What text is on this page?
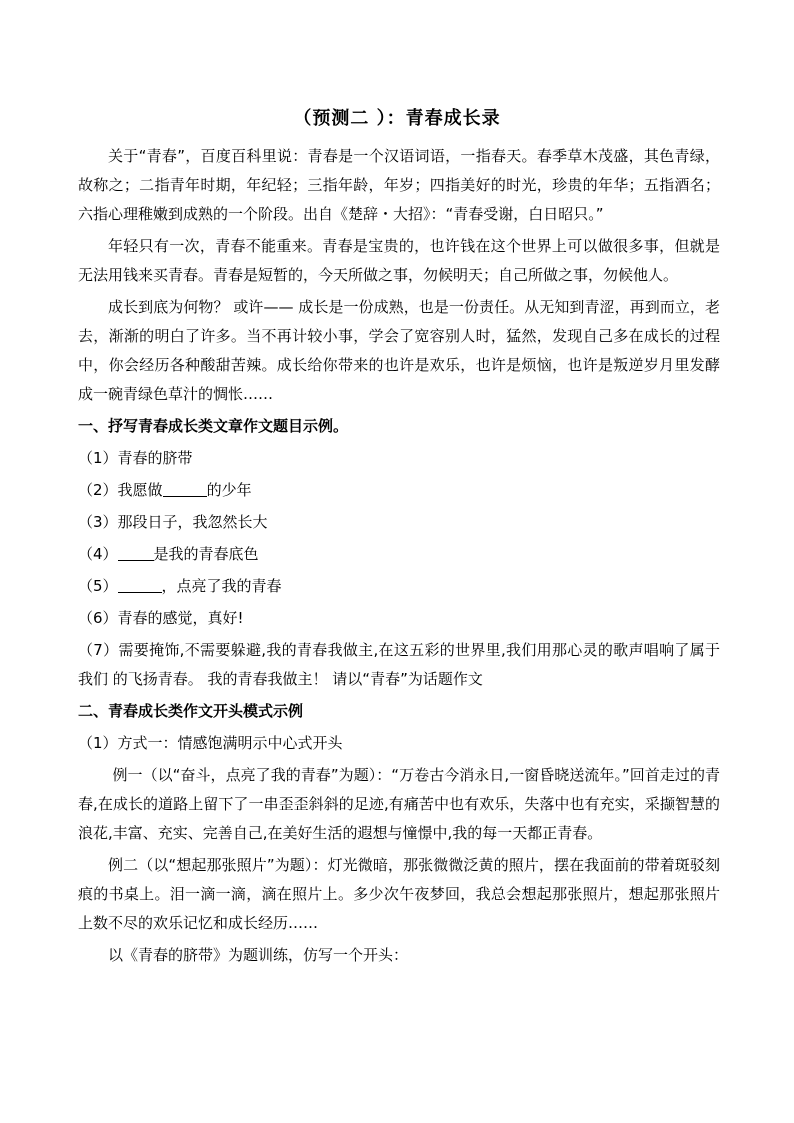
（预测二 ）：青春成长录

关于“青春”，百度百科里说：青春是一个汉语词语，一指春天。春季草木茂盛，其色青绿，故称之；二指青年时期，年纪轻；三指年龄，年岁；四指美好的时光，珍贵的年华；五指酒名；六指心理稚嫩到成熟的一个阶段。出自《楚辞・大招》：“青春受谢，白日昭只。”

年轻只有一次，青春不能重来。青春是宝贵的，也许钱在这个世界上可以做很多事，但就是无法用钱来买青春。青春是短暂的，今天所做之事，勿候明天；自己所做之事，勿候他人。

成长到底为何物？ 或许—— 成长是一份成熟，也是一份责任。从无知到青涩，再到而立，老去，渐渐的明白了许多。当不再计较小事，学会了宽容别人时，猛然，发现自己多在成长的过程中，你会经历各种酸甜苦辣。成长给你带来的也许是欢乐，也许是烦恼，也许是叛逆岁月里发酵成一碗青绿色草汁的惆怅……

一、抒写青春成长类文章作文题目示例。
（1）青春的脐带
（2）我愿做	的少年
（3）那段日子，我忽然长大
（4） 是我的青春底色
（5）	，点亮了我的青春
（6）青春的感觉，真好!
（7）需要掩饰,不需要躲避,我的青春我做主,在这五彩的世界里,我们用那心灵的歌声唱响了属于我们 的飞扬青春。 我的青春我做主！ 请以“青春”为话题作文
二、青春成长类作文开头模式示例
（1）方式一：情感饱满明示中心式开头

例一（以“奋斗，点亮了我的青春”为题）：“万卷古今消永日,一窗昏晓送流年。”回首走过的青春,在成长的道路上留下了一串歪歪斜斜的足迹,有痛苦中也有欢乐，失落中也有充实，采撷智慧的浪花,丰富、充实、完善自己,在美好生活的遐想与憧憬中,我的每一天都正青春。

例二（以“想起那张照片”为题）：灯光微暗，那张微微泛黄的照片，摆在我面前的带着斑驳刻痕的书桌上。泪一滴一滴，滴在照片上。多少次午夜梦回，我总会想起那张照片，想起那张照片上数不尽的欢乐记忆和成长经历……

以《青春的脐带》为题训练，仿写一个开头：
